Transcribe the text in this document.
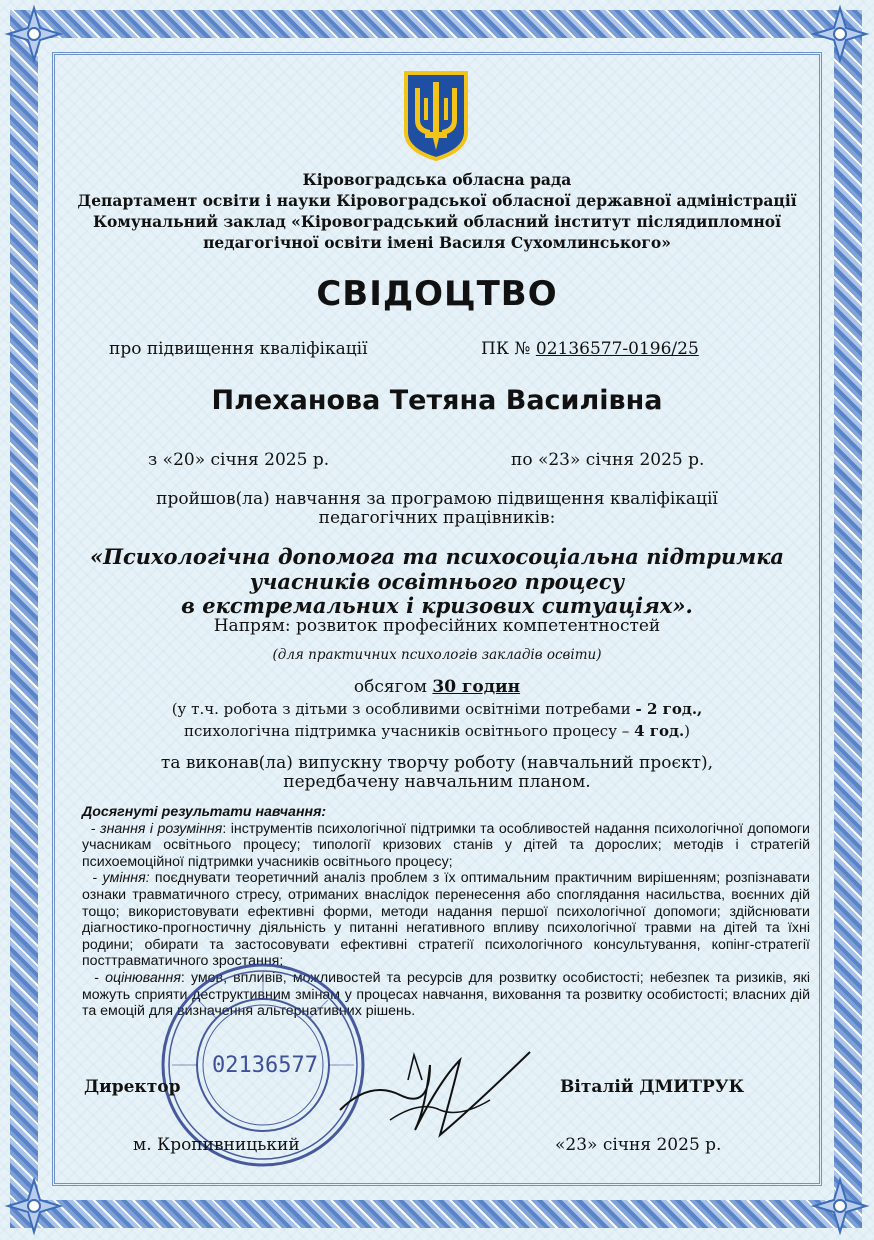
Кіровоградська обласна рада
Департамент освіти і науки Кіровоградської обласної державної адміністрації
Комунальний заклад «Кіровоградський обласний інститут післядипломної
педагогічної освіти імені Василя Сухомлинського»
СВІДОЦТВО
про підвищення кваліфікації	ПК № 02136577-0196/25
Плеханова Тетяна Василівна
з «20» січня 2025 р.	по «23» січня 2025 р.
пройшов(ла) навчання за програмою підвищення кваліфікації
педагогічних працівників:
«Психологічна допомога та психосоціальна підтримка
учасників освітнього процесу
в екстремальних і кризових ситуаціях».
Напрям: розвиток професійних компетентностей
(для практичних психологів закладів освіти)
обсягом 30 годин
(у т.ч. робота з дітьми з особливими освітніми потребами - 2 год.,
психологічна підтримка учасників освітнього процесу – 4 год.)
та виконав(ла) випускну творчу роботу (навчальний проєкт),
передбачену навчальним планом.

Досягнуті результати навчання:

- знання і розуміння: інструментів психологічної підтримки та особливостей надання психологічної допомоги учасникам освітнього процесу; типології кризових станів у дітей та дорослих; методів і стратегій психоемоційної підтримки учасників освітнього процесу;

- уміння: поєднувати теоретичний аналіз проблем з їх оптимальним практичним вирішенням; розпізнавати ознаки травматичного стресу, отриманих внаслідок перенесення або споглядання насильства, воєнних дій тощо; використовувати ефективні форми, методи надання першої психологічної допомоги; здійснювати діагностико-прогностичну діяльність у питанні негативного впливу психологічної травми на дітей та їхні родини; обирати та застосовувати ефективні стратегії психологічного консультування, копінг-стратегії посттравматичного зростання;

- оцінювання: умов, впливів, можливостей та ресурсів для розвитку особистості; небезпек та ризиків, які можуть сприяти деструктивним змінам у процесах навчання, виховання та розвитку особистості; власних дій та емоцій для визначення альтернативних рішень.

02136577
Директор	Віталій ДМИТРУК
м. Кропивницький	«23» січня 2025 р.
